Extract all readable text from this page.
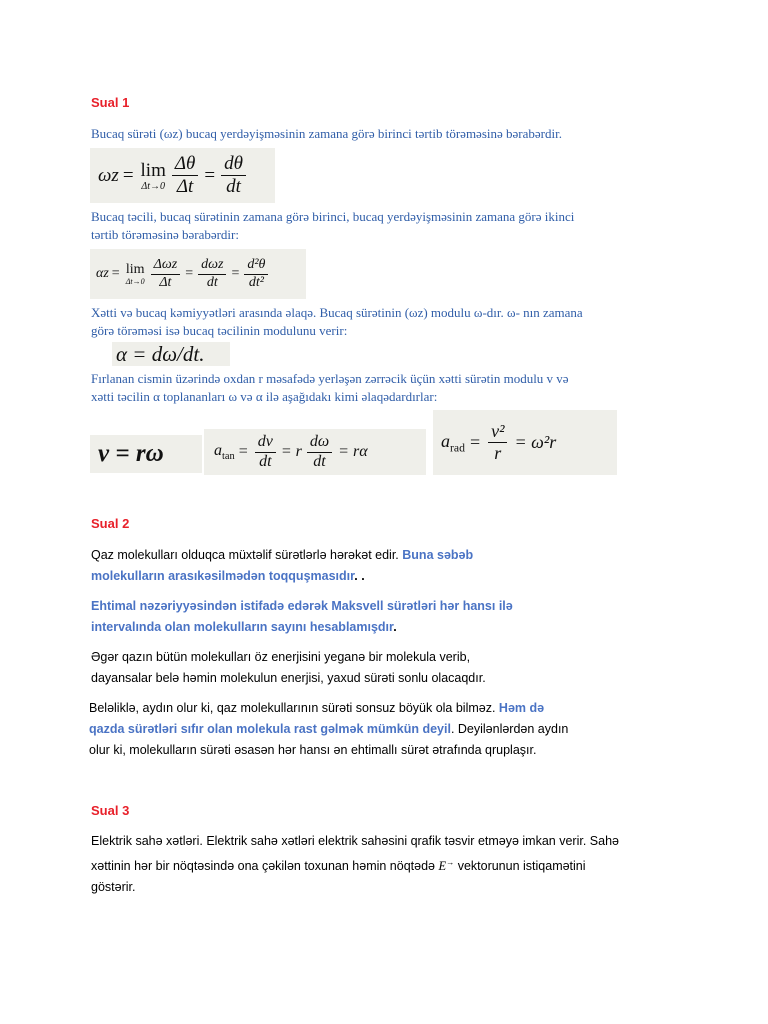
Sual 1
Bucaq sürəti (ωz) bucaq yerdəyişməsinin zamana görə birinci tərtib törəməsinə bərabərdir.
ωz = lim
$\Delta t\to 0 \frac{\Delta\theta}{\Delta t} = \frac{d\theta}{dt}$
Bucaq təcili, bucaq sürətinin zamana görə birinci, bucaq yerdəyişməsinin zamana görə ikinci
tərtib törəməsinə bərabərdir:
αz = lim
$\Delta t\to 0 \frac{\text{Δωz}}{\Delta t} = \frac{\text{dωz}}{dt} = \frac{\text{d²θ}}{\text{dt²}}$
Xətti və bucaq kəmiyyətləri arasında əlaqə. Bucaq sürətinin (ωz) modulu ω-dır. ω- nın zamana
görə törəməsi isə bucaq təcilinin modulunu verir:
α = dω/dt.
Fırlanan cismin üzərində oxdan r məsafədə yerləşən zərrəcik üçün xətti sürətin modulu v və
xətti təcilin α toplananları ω və α ilə aşağıdakı kimi əlaqədardırlar:
v = rω	$a_{tan} = \frac{dv}{dt} = r \frac{d\omega}{dt} = r\alpha$
$a_{rad} = \frac{\text{v²}}{r} = \omega^2r$
Sual 2
Qaz molekulları olduqca müxtəlif sürətlərlə hərəkət edir. Buna səbəb
molekulların arasıkəsilmədən toqquşmasıdır. .
Ehtimal nəzəriyyəsindən istifadə edərək Maksvell sürətləri hər hansı ilə
intervalında olan molekulların sayını hesablamışdır.
Əgər qazın bütün molekulları öz enerjisini yeganə bir molekula verib,
dayansalar belə həmin molekulun enerjisi, yaxud sürəti sonlu olacaqdır.
Beləliklə, aydın olur ki, qaz molekullarının sürəti sonsuz böyük ola bilməz. Həm də
qazda sürətləri sıfır olan molekula rast gəlmək mümkün deyil. Deyilənlərdən aydın
olur ki, molekulların sürəti əsasən hər hansı ən ehtimallı sürət ətrafında qruplaşır.
Sual 3
Elektrik sahə xətləri. Elektrik sahə xətləri elektrik sahəsini qrafik təsvir etməyə imkan verir. Sahə
xəttinin hər bir nöqtəsində ona çəkilən toxunan həmin nöqtədə E→ vektorunun istiqamətini
göstərir.
